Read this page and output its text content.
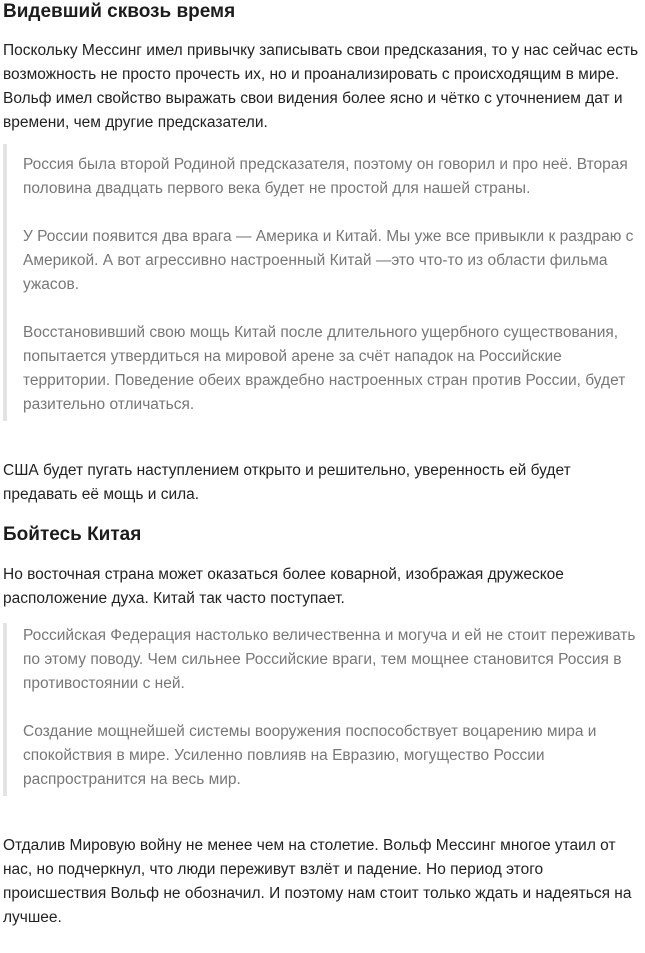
Видевший сквозь время

Поскольку Мессинг имел привычку записывать свои предсказания, то у нас сейчас есть возможность не просто прочесть их, но и проанализировать с происходящим в мире. Вольф имел свойство выражать свои видения более ясно и чётко с уточнением дат и времени, чем другие предсказатели.

Россия была второй Родиной предсказателя, поэтому он говорил и про неё. Вторая половина двадцать первого века будет не простой для нашей страны.

У России появится два врага — Америка и Китай. Мы уже все привыкли к раздраю с Америкой. А вот агрессивно настроенный Китай —это что-то из области фильма ужасов.

Восстановивший свою мощь Китай после длительного ущербного существования, попытается утвердиться на мировой арене за счёт нападок на Российские территории. Поведение обеих враждебно настроенных стран против России, будет разительно отличаться.

США будет пугать наступлением открыто и решительно, уверенность ей будет предавать её мощь и сила.

Бойтесь Китая

Но восточная страна может оказаться более коварной, изображая дружеское расположение духа. Китай так часто поступает.

Российская Федерация настолько величественна и могуча и ей не стоит переживать по этому поводу. Чем сильнее Российские враги, тем мощнее становится Россия в противостоянии с ней.

Создание мощнейшей системы вооружения поспособствует воцарению мира и спокойствия в мире. Усиленно повлияв на Евразию, могущество России распространится на весь мир.

Отдалив Мировую войну не менее чем на столетие. Вольф Мессинг многое утаил от нас, но подчеркнул, что люди переживут взлёт и падение. Но период этого происшествия Вольф не обозначил. И поэтому нам стоит только ждать и надеяться на лучшее.
